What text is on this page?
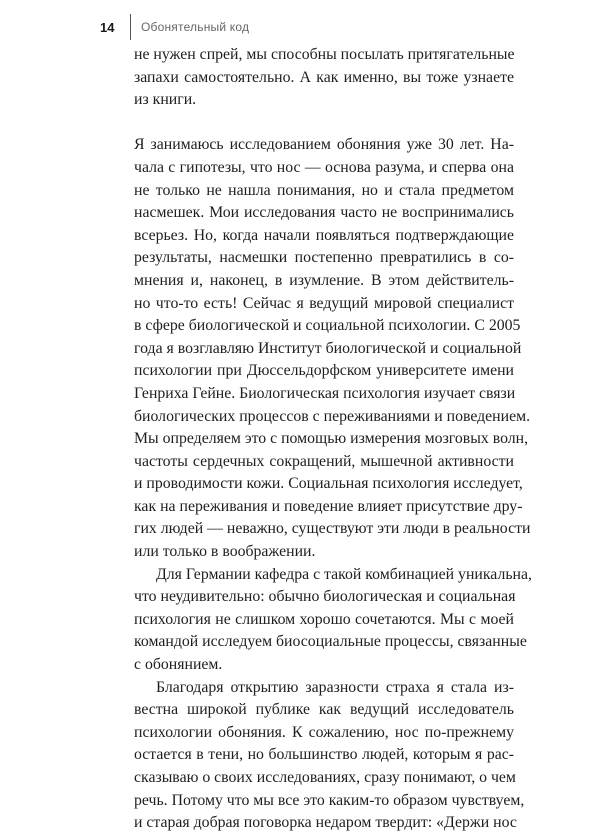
14	Обонятельный код
не нужен спрей, мы способны посылать притягательные
запахи самостоятельно. А как именно, вы тоже узнаете
из книги.
Я занимаюсь исследованием обоняния уже 30 лет. На-
чала с гипотезы, что нос — основа разума, и сперва она
не только не нашла понимания, но и стала предметом
насмешек. Мои исследования часто не воспринимались
всерьез. Но, когда начали появляться подтверждающие
результаты, насмешки постепенно превратились в со-
мнения и, наконец, в изумление. В этом действитель-
но что-то есть! Сейчас я ведущий мировой специалист
в сфере биологической и социальной психологии. С 2005
года я возглавляю Институт биологической и социальной
психологии при Дюссельдорфском университете имени
Генриха Гейне. Биологическая психология изучает связи
биологических процессов с переживаниями и поведением.
Мы определяем это с помощью измерения мозговых волн,
частоты сердечных сокращений, мышечной активности
и проводимости кожи. Социальная психология исследует,
как на переживания и поведение влияет присутствие дру-
гих людей — неважно, существуют эти люди в реальности
или только в воображении.
Для Германии кафедра с такой комбинацией уникальна,
что неудивительно: обычно биологическая и социальная
психология не слишком хорошо сочетаются. Мы с моей
командой исследуем биосоциальные процессы, связанные
с обонянием.
Благодаря открытию заразности страха я стала из-
вестна широкой публике как ведущий исследователь
психологии обоняния. К сожалению, нос по-прежнему
остается в тени, но большинство людей, которым я рас-
сказываю о своих исследованиях, сразу понимают, о чем
речь. Потому что мы все это каким-то образом чувствуем,
и старая добрая поговорка недаром твердит: «Держи нос
